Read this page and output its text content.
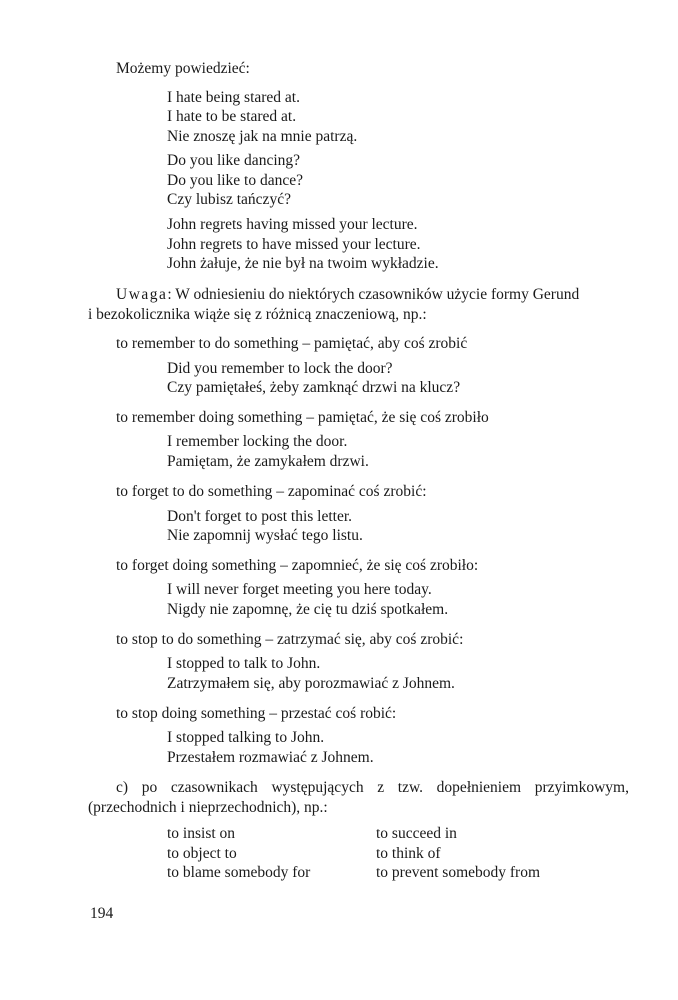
Możemy powiedzieć:
I hate being stared at.
I hate to be stared at.
Nie znoszę jak na mnie patrzą.
Do you like dancing?
Do you like to dance?
Czy lubisz tańczyć?
John regrets having missed your lecture.
John regrets to have missed your lecture.
John żałuje, że nie był na twoim wykładzie.
Uwaga: W odniesieniu do niektórych czasowników użycie formy Gerund
i bezokolicznika wiąże się z różnicą znaczeniową, np.:
to remember to do something – pamiętać, aby coś zrobić
Did you remember to lock the door?
Czy pamiętałeś, żeby zamknąć drzwi na klucz?
to remember doing something – pamiętać, że się coś zrobiło
I remember locking the door.
Pamiętam, że zamykałem drzwi.
to forget to do something – zapominać coś zrobić:
Don't forget to post this letter.
Nie zapomnij wysłać tego listu.
to forget doing something – zapomnieć, że się coś zrobiło:
I will never forget meeting you here today.
Nigdy nie zapomnę, że cię tu dziś spotkałem.
to stop to do something – zatrzymać się, aby coś zrobić:
I stopped to talk to John.
Zatrzymałem się, aby porozmawiać z Johnem.
to stop doing something – przestać coś robić:
I stopped talking to John.
Przestałem rozmawiać z Johnem.
c) po czasownikach występujących z tzw. dopełnieniem przyimkowym,
(przechodnich i nieprzechodnich), np.:
to insist on
to object to
to blame somebody for
to succeed in
to think of
to prevent somebody from
194
